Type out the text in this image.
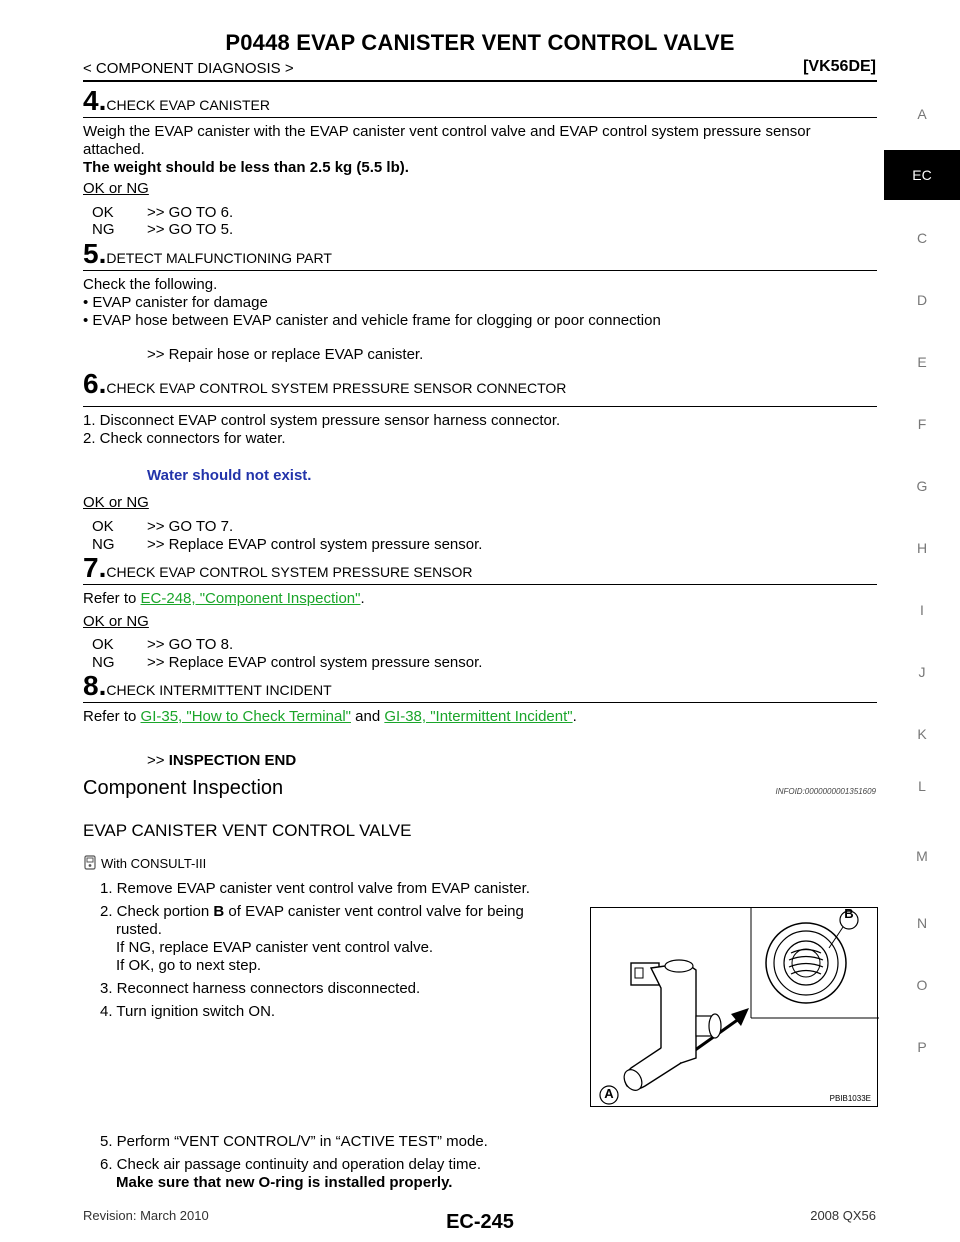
P0448 EVAP CANISTER VENT CONTROL VALVE
< COMPONENT DIAGNOSIS >	[VK56DE]
A
EC
C
D
E
F
G
H
I
J
K
L
M
N
O
P
4.CHECK EVAP CANISTER
Weigh the EVAP canister with the EVAP canister vent control valve and EVAP control system pressure sensor
attached.
The weight should be less than 2.5 kg (5.5 lb).
OK or NG
OK >> GO TO 6.
NG >> GO TO 5.
5.DETECT MALFUNCTIONING PART
Check the following.
• EVAP canister for damage
• EVAP hose between EVAP canister and vehicle frame for clogging or poor connection
>> Repair hose or replace EVAP canister.
6.CHECK EVAP CONTROL SYSTEM PRESSURE SENSOR CONNECTOR
1. Disconnect EVAP control system pressure sensor harness connector.
2. Check connectors for water.
Water should not exist.
OK or NG
OK >> GO TO 7.
NG >> Replace EVAP control system pressure sensor.
7.CHECK EVAP CONTROL SYSTEM PRESSURE SENSOR
Refer to EC-248, "Component Inspection".
OK or NG
OK >> GO TO 8.
NG >> Replace EVAP control system pressure sensor.
8.CHECK INTERMITTENT INCIDENT
Refer to GI-35, "How to Check Terminal" and GI-38, "Intermittent Incident".
>> INSPECTION END
Component Inspection	INFOID:0000000001351609
EVAP CANISTER VENT CONTROL VALVE
With CONSULT-III
1. Remove EVAP canister vent control valve from EVAP canister.
2. Check portion B of EVAP canister vent control valve for being
rusted.
If NG, replace EVAP canister vent control valve.
If OK, go to next step.
3. Reconnect harness connectors disconnected.
4. Turn ignition switch ON.
B
A	PBIB1033E
5. Perform “VENT CONTROL/V” in “ACTIVE TEST” mode.
6. Check air passage continuity and operation delay time.
Make sure that new O-ring is installed properly.
Revision: March 2010	EC-245	2008 QX56
